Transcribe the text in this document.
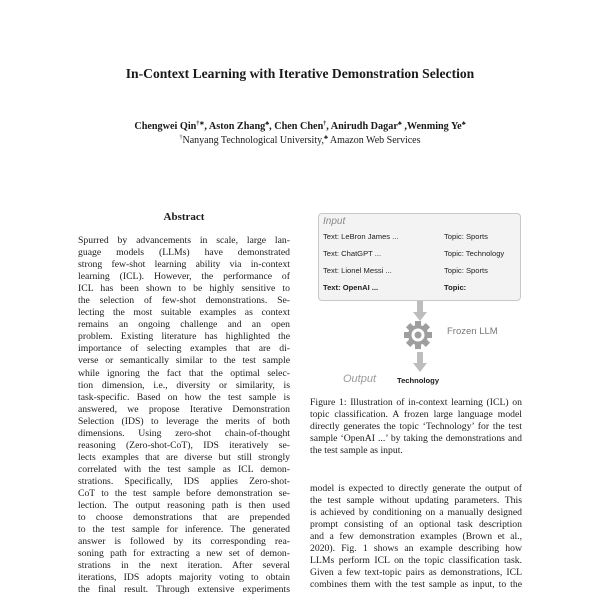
In-Context Learning with Iterative Demonstration Selection
Chengwei Qin†∗, Aston Zhang♣, Chen Chen†, Anirudh Dagar♣ ,Wenming Ye♣
†Nanyang Technological University,♣ Amazon Web Services
Abstract
Spurred by advancements in scale, large lan-
guage models (LLMs) have demonstrated
strong few-shot learning ability via in-context
learning (ICL). However, the performance of
ICL has been shown to be highly sensitive to
the selection of few-shot demonstrations. Se-
lecting the most suitable examples as context
remains an ongoing challenge and an open
problem. Existing literature has highlighted the
importance of selecting examples that are di-
verse or semantically similar to the test sample
while ignoring the fact that the optimal selec-
tion dimension, i.e., diversity or similarity, is
task-specific. Based on how the test sample is
answered, we propose Iterative Demonstration
Selection (IDS) to leverage the merits of both
dimensions. Using zero-shot chain-of-thought
reasoning (Zero-shot-CoT), IDS iteratively se-
lects examples that are diverse but still strongly
correlated with the test sample as ICL demon-
strations. Specifically, IDS applies Zero-shot-
CoT to the test sample before demonstration se-
lection. The output reasoning path is then used
to choose demonstrations that are prepended
to the test sample for inference. The generated
answer is followed by its corresponding rea-
soning path for extracting a new set of demon-
strations in the next iteration. After several
iterations, IDS adopts majority voting to obtain
the final result. Through extensive experiments
Input
Text: LeBron James ...	Topic: Sports
Text: ChatGPT ...	Topic: Technology
Text: Lionel Messi ...	Topic: Sports
Text: OpenAI ...	Topic:
Frozen LLM
Output	Technology
Figure 1: Illustration of in-context learning (ICL) on
topic classification. A frozen large language model
directly generates the topic ‘Technology’ for the test
sample ‘OpenAI ...’ by taking the demonstrations and
the test sample as input.
model is expected to directly generate the output of
the test sample without updating parameters. This
is achieved by conditioning on a manually designed
prompt consisting of an optional task description
and a few demonstration examples (Brown et al.,
2020). Fig. 1 shows an example describing how
LLMs perform ICL on the topic classification task.
Given a few text-topic pairs as demonstrations, ICL
combines them with the test sample as input, to the
